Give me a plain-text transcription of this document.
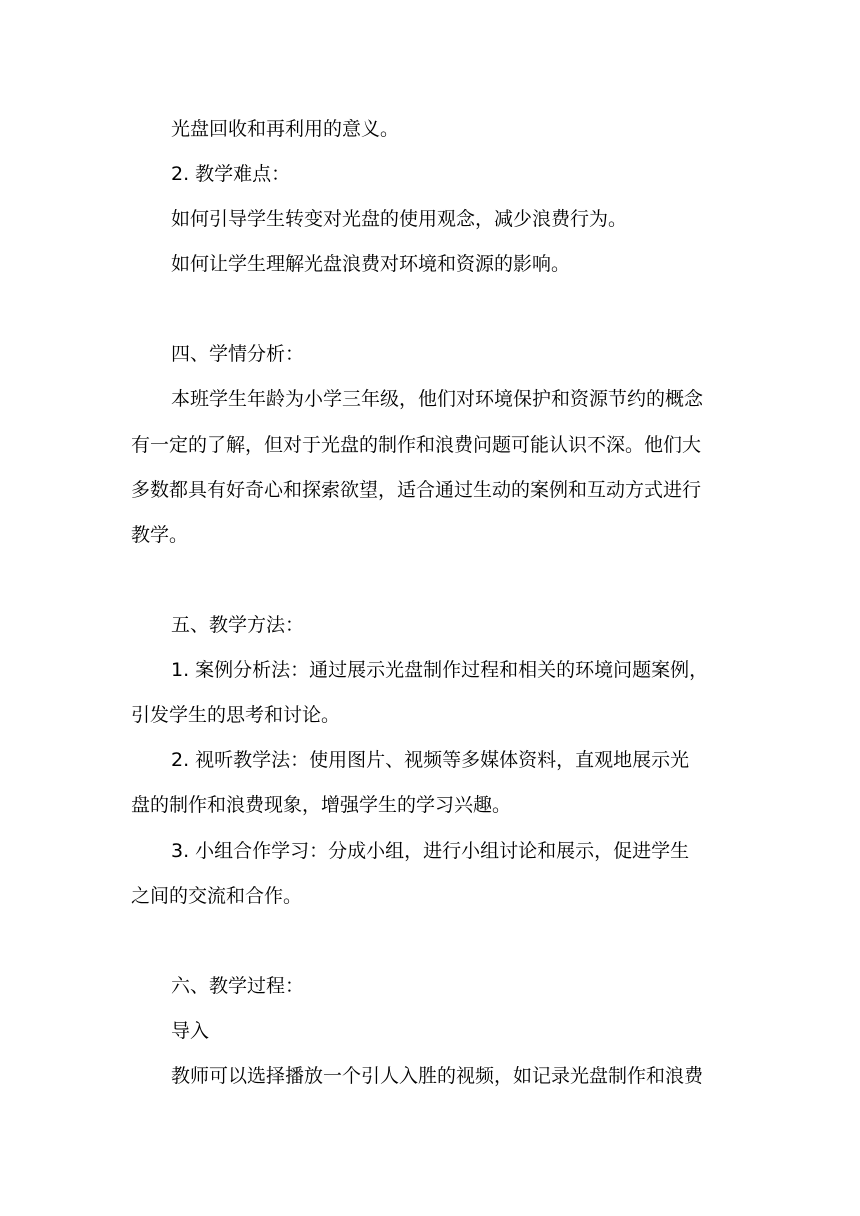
光盘回收和再利用的意义。
2. 教学难点：
如何引导学生转变对光盘的使用观念，减少浪费行为。
如何让学生理解光盘浪费对环境和资源的影响。
四、学情分析：
本班学生年龄为小学三年级，他们对环境保护和资源节约的概念
有一定的了解，但对于光盘的制作和浪费问题可能认识不深。他们大
多数都具有好奇心和探索欲望，适合通过生动的案例和互动方式进行
教学。
五、教学方法：
1. 案例分析法：通过展示光盘制作过程和相关的环境问题案例，
引发学生的思考和讨论。
2. 视听教学法：使用图片、视频等多媒体资料，直观地展示光
盘的制作和浪费现象，增强学生的学习兴趣。
3. 小组合作学习：分成小组，进行小组讨论和展示，促进学生
之间的交流和合作。
六、教学过程：
导入
教师可以选择播放一个引人入胜的视频，如记录光盘制作和浪费
